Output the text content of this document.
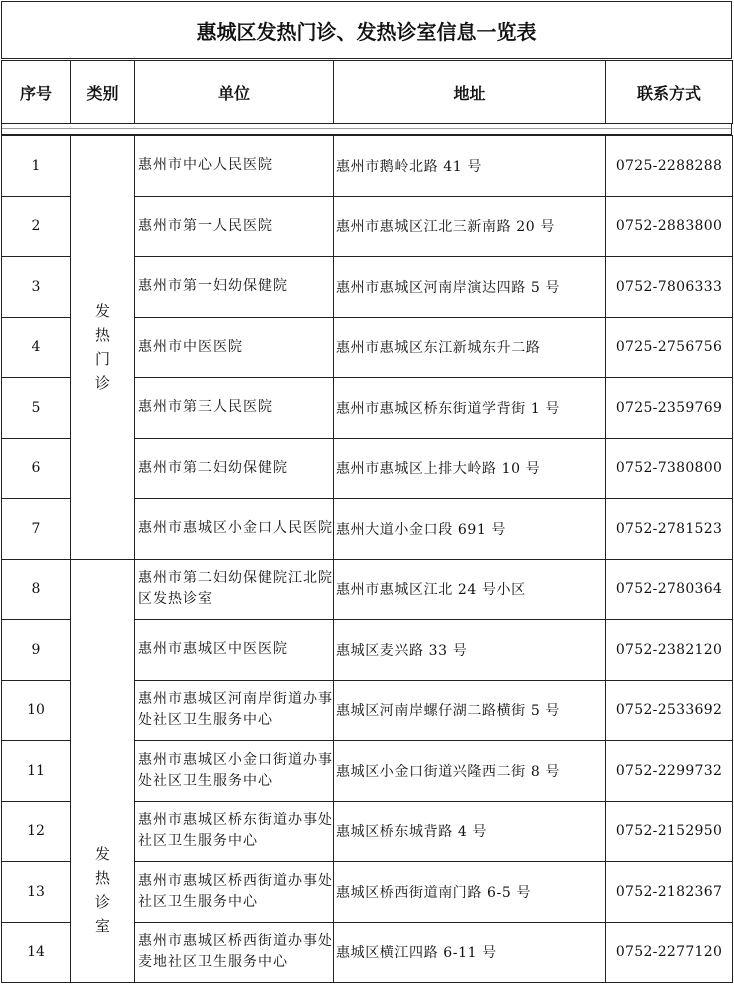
惠城区发热门诊、发热诊室信息一览表
序号	类别	单位	地址	联系方式
1	发热门诊	惠州市中心人民医院	惠州市鹅岭北路 41 号	0725-2288288
2		惠州市第一人民医院	惠州市惠城区江北三新南路 20 号	0752-2883800
3		惠州市第一妇幼保健院	惠州市惠城区河南岸演达四路 5 号	0752-7806333
4		惠州市中医医院	惠州市惠城区东江新城东升二路	0725-2756756
5		惠州市第三人民医院	惠州市惠城区桥东街道学背街 1 号	0725-2359769
6		惠州市第二妇幼保健院	惠州市惠城区上排大岭路 10 号	0752-7380800
7		惠州市惠城区小金口人民医院	惠州大道小金口段 691 号	0752-2781523
8	发热诊室	惠州市第二妇幼保健院江北院区发热诊室	惠州市惠城区江北 24 号小区	0752-2780364
9		惠州市惠城区中医医院	惠城区麦兴路 33 号	0752-2382120
10		惠州市惠城区河南岸街道办事处社区卫生服务中心	惠城区河南岸螺仔湖二路横街 5 号	0752-2533692
11		惠州市惠城区小金口街道办事处社区卫生服务中心	惠城区小金口街道兴隆西二街 8 号	0752-2299732
12		惠州市惠城区桥东街道办事处社区卫生服务中心	惠城区桥东城背路 4 号	0752-2152950
13		惠州市惠城区桥西街道办事处社区卫生服务中心	惠城区桥西街道南门路 6-5 号	0752-2182367
14		惠州市惠城区桥西街道办事处麦地社区卫生服务中心	惠城区横江四路 6-11 号	0752-2277120
